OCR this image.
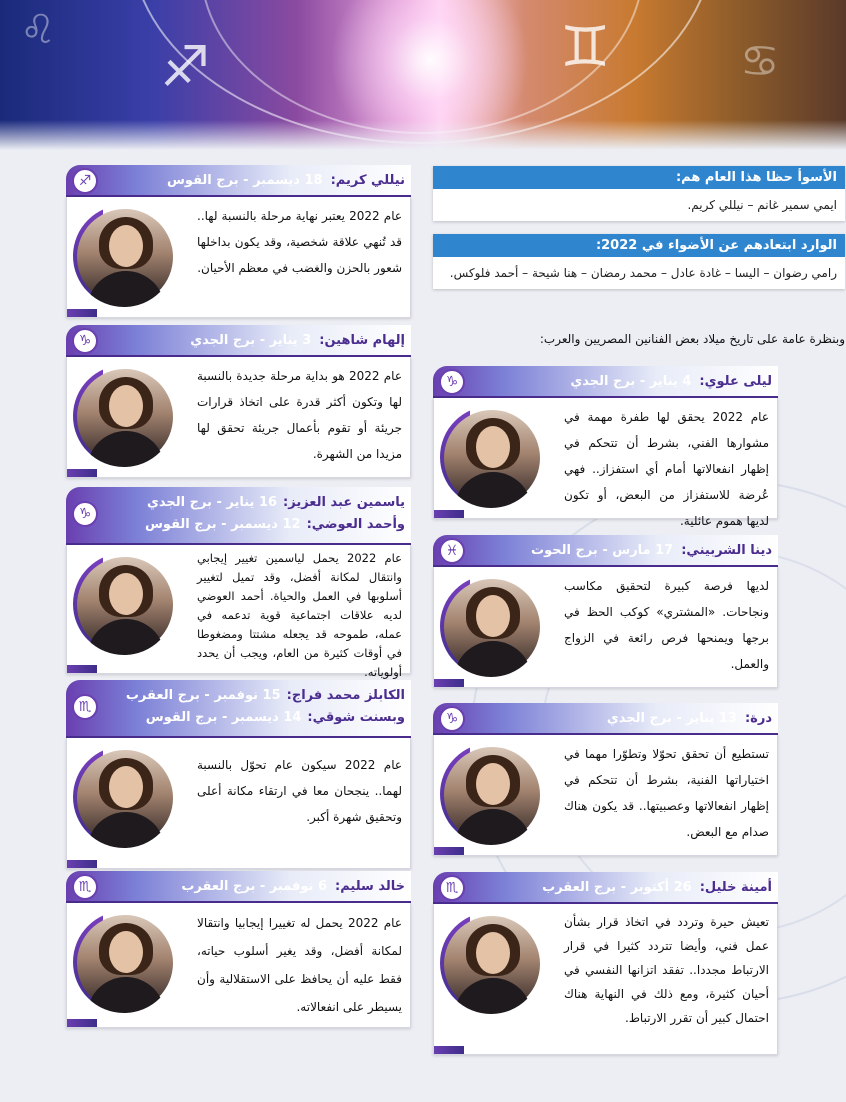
♐	♊
♌
♋
الأسوأ حظا هذا العام هم:
ايمي سمير غانم – نيللي كريم.
الوارد ابتعادهم عن الأضواء في 2022:
رامي رضوان – اليسا – غادة عادل – محمد رمضان – هنا شيحة – أحمد فلوكس.
وبنظرة عامة على تاريخ ميلاد بعض الفنانين المصريين والعرب:
ليلى علوي:
4 يناير - برج الجدي
♑
عام 2022 يحقق لها طفرة مهمة في مشوارها الفني، بشرط أن تتحكم في إظهار انفعالاتها أمام أي استفزاز.. فهي عُرضة للاستفزاز من البعض، أو تكون لديها هموم عائلية.
دينا الشربيني:
17 مارس - برج الحوت
♓
لديها فرصة كبيرة لتحقيق مكاسب ونجاحات. «المشتري» كوكب الحظ في برجها ويمنحها فرص رائعة في الزواج والعمل.
درة:
13 يناير - برج الجدي
♑
تستطيع أن تحقق تحوّلا وتطوّرا مهما في اختياراتها الفنية، بشرط أن تتحكم في إظهار انفعالاتها وعصبيتها.. قد يكون هناك صدام مع البعض.
أمينة خليل:
26 أكتوبر - برج العقرب
♏
تعيش حيرة وتردد في اتخاذ قرار بشأن عمل فني، وأيضا تتردد كثيرا في قرار الارتباط مجددا.. تفقد اتزانها النفسي في أحيان كثيرة، ومع ذلك في النهاية هناك احتمال كبير أن تقرر الارتباط.
نيللي كريم:
18 ديسمبر - برج القوس
♐
عام 2022 يعتبر نهاية مرحلة بالنسبة لها.. قد تُنهي علاقة شخصية، وقد يكون بداخلها شعور بالحزن والغضب في معظم الأحيان.
إلهام شاهين:
3 يناير - برج الجدي
♑
عام 2022 هو بداية مرحلة جديدة بالنسبة لها وتكون أكثر قدرة على اتخاذ قرارات جريئة أو تقوم بأعمال جريئة تحقق لها مزيدا من الشهرة.
ياسمين عبد العزيز:
16 يناير - برج الجدي
وأحمد العوضي:
12 ديسمبر - برج القوس
♑
عام 2022 يحمل لياسمين تغيير إيجابي وانتقال لمكانة أفضل، وقد تميل لتغيير أسلوبها في العمل والحياة. أحمد العوضي لديه علاقات اجتماعية قوية تدعمه في عمله، طموحه قد يجعله مشتتا ومضغوطا في أوقات كثيرة من العام، ويجب أن يحدد أولوياته.
الكابلز محمد فراج:
15 نوفمبر - برج العقرب
وبسنت شوقي:
14 ديسمبر - برج القوس
♏
عام 2022 سيكون عام تحوّل بالنسبة لهما.. ينجحان معا في ارتقاء مكانة أعلى وتحقيق شهرة أكبر.
خالد سليم:
6 نوفمبر - برج العقرب
♏
عام 2022 يحمل له تغييرا إيجابيا وانتقالا لمكانة أفضل، وقد يغير أسلوب حياته، فقط عليه أن يحافظ على الاستقلالية وأن يسيطر على انفعالاته.
